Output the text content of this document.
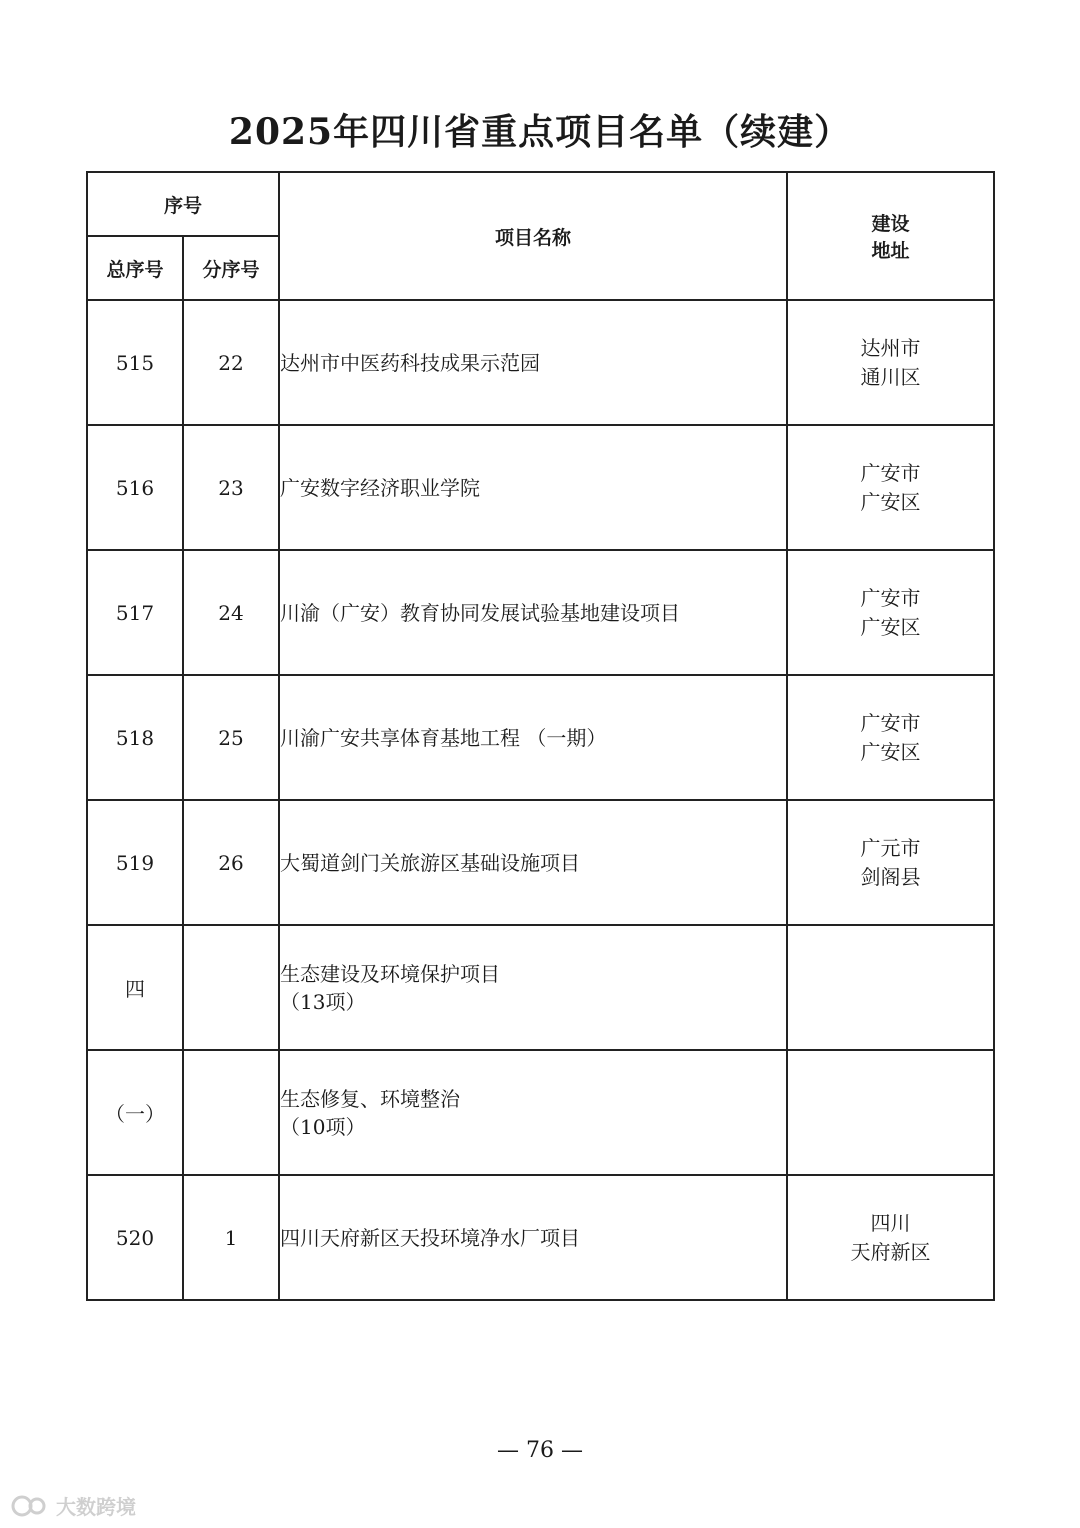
2025年四川省重点项目名单（续建）
序号		项目名称	建设
地址

总序号	分序号		
515	22	达州市中医药科技成果示范园	达州市
通川区

516	23	广安数字经济职业学院	广安市
广安区

517	24	川渝（广安）教育协同发展试验基地建设项目	广安市
广安区

518	25	川渝广安共享体育基地工程 （一期）	广安市
广安区

519	26	大蜀道剑门关旅游区基础设施项目	广元市
剑阁县

四		生态建设及环境保护项目
（13项）	

（一）		生态修复、环境整治
（10项）	

520	1	四川天府新区天投环境净水厂项目	四川
天府新区
— 76 —
大数跨境
